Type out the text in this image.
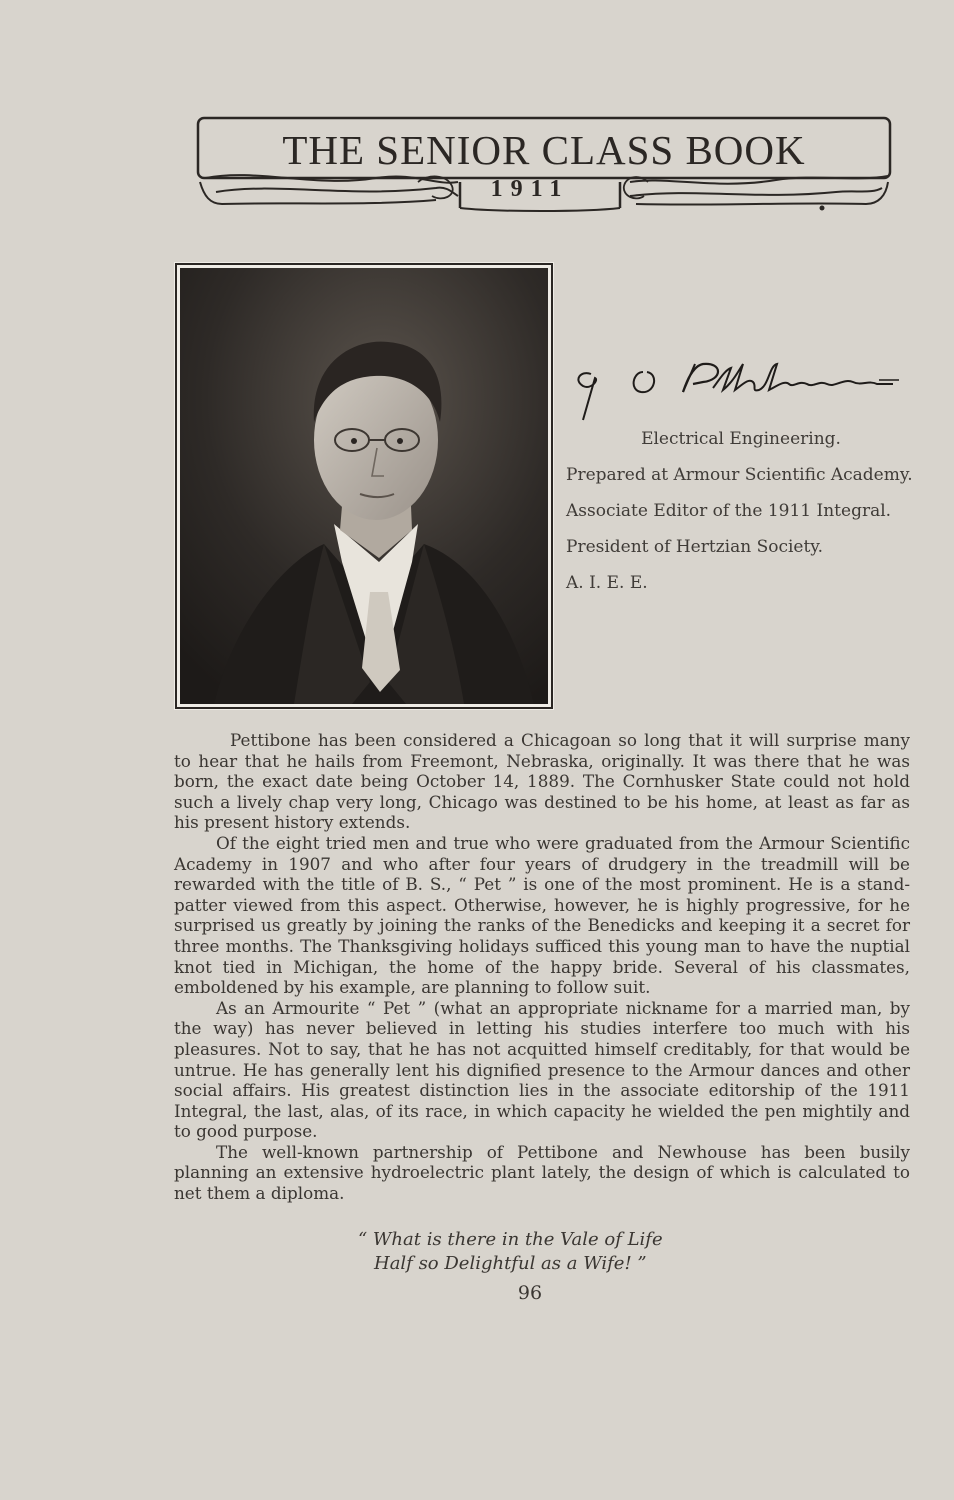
THE SENIOR CLASS BOOK
1911
Electrical Engineering.
Prepared at Armour Scientific Academy.
Associate Editor of the 1911 Integral.
President of Hertzian Society.
A. I. E. E.

Pettibone has been considered a Chicagoan so long that it will surprise many to hear that he hails from Freemont, Nebraska, originally. It was there that he was born, the exact date being October 14, 1889. The Cornhusker State could not hold such a lively chap very long, Chicago was destined to be his home, at least as far as his present history extends.

Of the eight tried men and true who were graduated from the Armour Scientific Academy in 1907 and who after four years of drudgery in the treadmill will be rewarded with the title of B. S., “ Pet ” is one of the most prominent. He is a stand-patter viewed from this aspect. Otherwise, however, he is highly progressive, for he surprised us greatly by joining the ranks of the Benedicks and keeping it a secret for three months. The Thanksgiving holidays sufficed this young man to have the nuptial knot tied in Michigan, the home of the happy bride. Several of his classmates, emboldened by his example, are planning to follow suit.

As an Armourite “ Pet ” (what an appropriate nickname for a married man, by the way) has never believed in letting his studies interfere too much with his pleasures. Not to say, that he has not acquitted himself creditably, for that would be untrue. He has generally lent his dignified presence to the Armour dances and other social affairs. His greatest distinction lies in the associate editorship of the 1911 Integral, the last, alas, of its race, in which capacity he wielded the pen mightily and to good purpose.

The well-known partnership of Pettibone and Newhouse has been busily planning an extensive hydroelectric plant lately, the design of which is calculated to net them a diploma.

“ What is there in the Vale of Life
Half so Delightful as a Wife! ”
96
